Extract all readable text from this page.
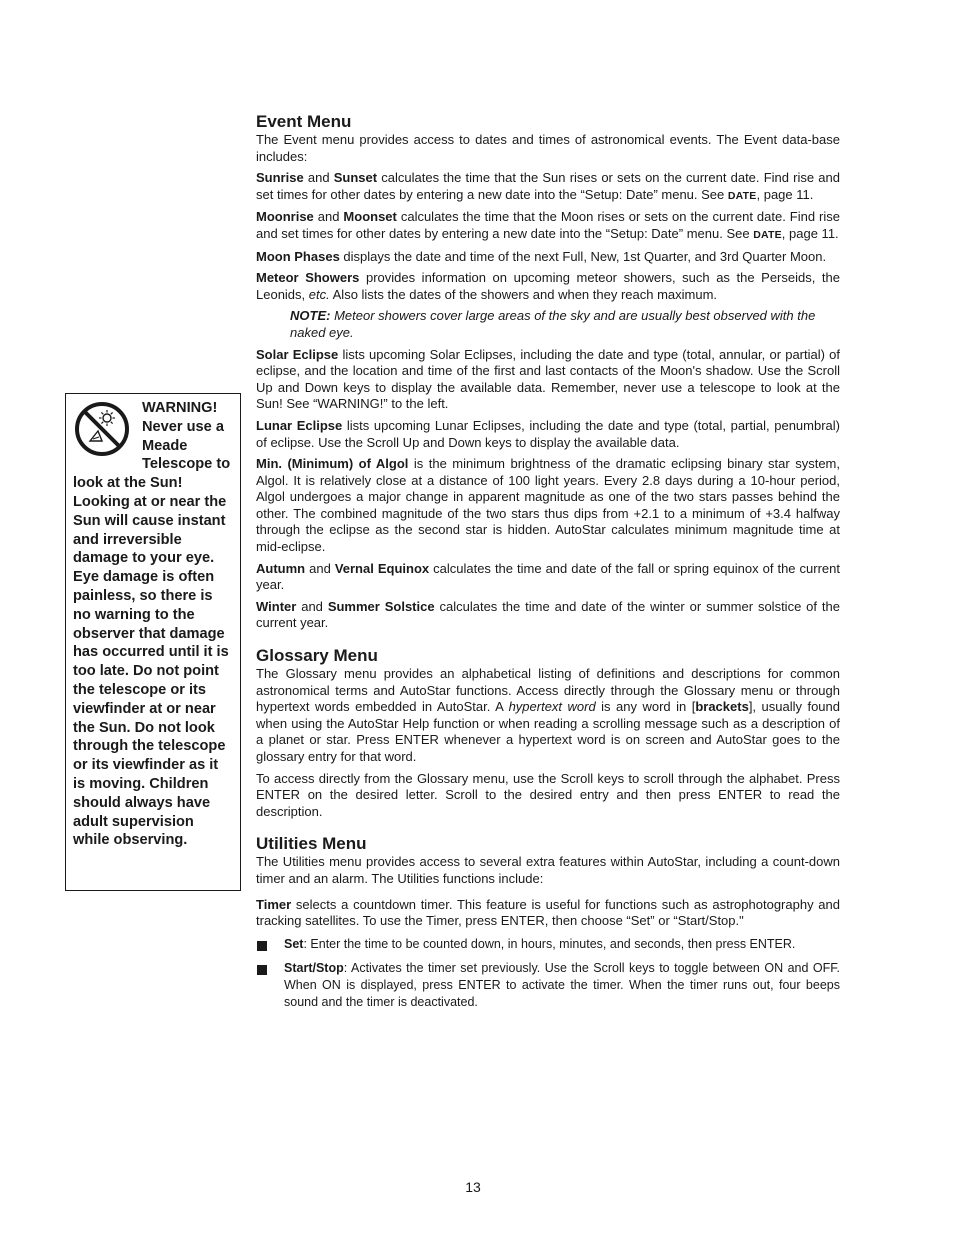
WARNING! Never use a Meade Telescope to look at the Sun! Looking at or near the Sun will cause instant and irreversible damage to your eye. Eye damage is often painless, so there is no warning to the observer that damage has occurred until it is too late. Do not point the telescope or its viewfinder at or near the Sun. Do not look through the telescope or its viewfinder as it is moving. Children should always have adult supervision while observing.
Event Menu

The Event menu provides access to dates and times of astronomical events. The Event data-base includes:

Sunrise and Sunset calculates the time that the Sun rises or sets on the current date. Find rise and set times for other dates by entering a new date into the “Setup: Date” menu. See DATE, page 11.

Moonrise and Moonset calculates the time that the Moon rises or sets on the current date. Find rise and set times for other dates by entering a new date into the “Setup: Date” menu. See DATE, page 11.

Moon Phases displays the date and time of the next Full, New, 1st Quarter, and 3rd Quarter Moon.

Meteor Showers provides information on upcoming meteor showers, such as the Perseids, the Leonids, etc. Also lists the dates of the showers and when they reach maximum.

NOTE: Meteor showers cover large areas of the sky and are usually best observed with the naked eye.

Solar Eclipse lists upcoming Solar Eclipses, including the date and type (total, annular, or partial) of eclipse, and the location and time of the first and last contacts of the Moon's shadow. Use the Scroll Up and Down keys to display the available data. Remember, never use a telescope to look at the Sun! See “WARNING!” to the left.

Lunar Eclipse lists upcoming Lunar Eclipses, including the date and type (total, partial, penumbral) of eclipse. Use the Scroll Up and Down keys to display the available data.

Min. (Minimum) of Algol is the minimum brightness of the dramatic eclipsing binary star system, Algol. It is relatively close at a distance of 100 light years. Every 2.8 days during a 10-hour period, Algol undergoes a major change in apparent magnitude as one of the two stars passes behind the other. The combined magnitude of the two stars thus dips from +2.1 to a minimum of +3.4 halfway through the eclipse as the second star is hidden. AutoStar calculates minimum magnitude time at mid-eclipse.

Autumn and Vernal Equinox calculates the time and date of the fall or spring equinox of the current year.

Winter and Summer Solstice calculates the time and date of the winter or summer solstice of the current year.

Glossary Menu

The Glossary menu provides an alphabetical listing of definitions and descriptions for common astronomical terms and AutoStar functions. Access directly through the Glossary menu or through hypertext words embedded in AutoStar. A hypertext word is any word in [brackets], usually found when using the AutoStar Help function or when reading a scrolling message such as a description of a planet or star. Press ENTER whenever a hypertext word is on screen and AutoStar goes to the glossary entry for that word.

To access directly from the Glossary menu, use the Scroll keys to scroll through the alphabet. Press ENTER on the desired letter. Scroll to the desired entry and then press ENTER to read the description.

Utilities Menu

The Utilities menu provides access to several extra features within AutoStar, including a count-down timer and an alarm. The Utilities functions include:

Timer selects a countdown timer. This feature is useful for functions such as astrophotography and tracking satellites. To use the Timer, press ENTER, then choose “Set” or “Start/Stop."

Set: Enter the time to be counted down, in hours, minutes, and seconds, then press ENTER.
Start/Stop: Activates the timer set previously. Use the Scroll keys to toggle between ON and OFF. When ON is displayed, press ENTER to activate the timer. When the timer runs out, four beeps sound and the timer is deactivated.
13
